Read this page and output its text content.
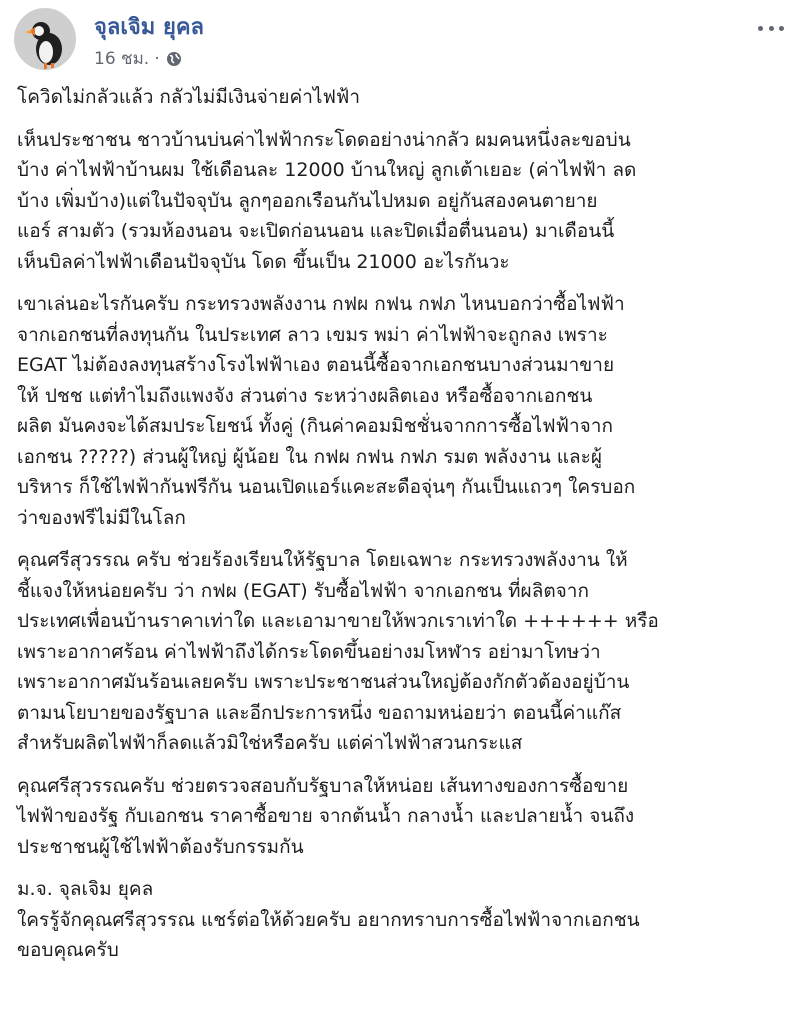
จุลเจิม ยุคล
16 ชม. ·

โควิดไม่กลัวแล้ว กลัวไม่มีเงินจ่ายค่าไฟฟ้า

เห็นประชาชน ชาวบ้านบ่นค่าไฟฟ้ากระโดดอย่างน่ากลัว ผมคนหนึ่งละขอบ่น

บ้าง ค่าไฟฟ้าบ้านผม ใช้เดือนละ 12000 บ้านใหญ่ ลูกเต้าเยอะ (ค่าไฟฟ้า ลด

บ้าง เพิ่มบ้าง)แต่ในปัจจุบัน ลูกๆออกเรือนกันไปหมด อยู่กันสองคนตายาย

แอร์ สามตัว (รวมห้องนอน จะเปิดก่อนนอน และปิดเมื่อตื่นนอน) มาเดือนนี้

เห็นบิลค่าไฟฟ้าเดือนปัจจุบัน โดด ขึ้นเป็น 21000 อะไรกันวะ

เขาเล่นอะไรกันครับ กระทรวงพลังงาน กฟผ กฟน กฟภ ไหนบอกว่าซื้อไฟฟ้า

จากเอกชนที่ลงทุนกัน ในประเทศ ลาว เขมร พม่า ค่าไฟฟ้าจะถูกลง เพราะ

EGAT ไม่ต้องลงทุนสร้างโรงไฟฟ้าเอง ตอนนี้ซื้อจากเอกชนบางส่วนมาขาย

ให้ ปชช แต่ทำไมถึงแพงจัง ส่วนต่าง ระหว่างผลิตเอง หรือซื้อจากเอกชน

ผลิต มันคงจะได้สมประโยชน์ ทั้งคู่ (กินค่าคอมมิชชั่นจากการซื้อไฟฟ้าจาก

เอกชน ?????) ส่วนผู้ใหญ่ ผู้น้อย ใน กฟผ กฟน กฟภ รมต พลังงาน และผู้

บริหาร ก็ใช้ไฟฟ้ากันฟรีกัน นอนเปิดแอร์แคะสะดือจุ่นๆ กันเป็นแถวๆ ใครบอก

ว่าของฟรีไม่มีในโลก

คุณศรีสุวรรณ ครับ ช่วยร้องเรียนให้รัฐบาล โดยเฉพาะ กระทรวงพลังงาน ให้

ชี้แจงให้หน่อยครับ ว่า กฟผ (EGAT) รับซื้อไฟฟ้า จากเอกชน ที่ผลิตจาก

ประเทศเพื่อนบ้านราคาเท่าใด และเอามาขายให้พวกเราเท่าใด ++++++ หรือ

เพราะอากาศร้อน ค่าไฟฟ้าถึงได้กระโดดขึ้นอย่างมโหฬาร อย่ามาโทษว่า

เพราะอากาศมันร้อนเลยครับ เพราะประชาชนส่วนใหญ่ต้องกักตัวต้องอยู่บ้าน

ตามนโยบายของรัฐบาล และอีกประการหนึ่ง ขอถามหน่อยว่า ตอนนี้ค่าแก๊ส

สำหรับผลิตไฟฟ้าก็ลดแล้วมิใช่หรือครับ แต่ค่าไฟฟ้าสวนกระแส

คุณศรีสุวรรณครับ ช่วยตรวจสอบกับรัฐบาลให้หน่อย เส้นทางของการซื้อขาย

ไฟฟ้าของรัฐ กับเอกชน ราคาซื้อขาย จากต้นน้ำ กลางน้ำ และปลายน้ำ จนถึง

ประชาชนผู้ใช้ไฟฟ้าต้องรับกรรมกัน

ม.จ. จุลเจิม ยุคล

ใครรู้จักคุณศรีสุวรรณ แชร์ต่อให้ด้วยครับ อยากทราบการซื้อไฟฟ้าจากเอกชน

ขอบคุณครับ
